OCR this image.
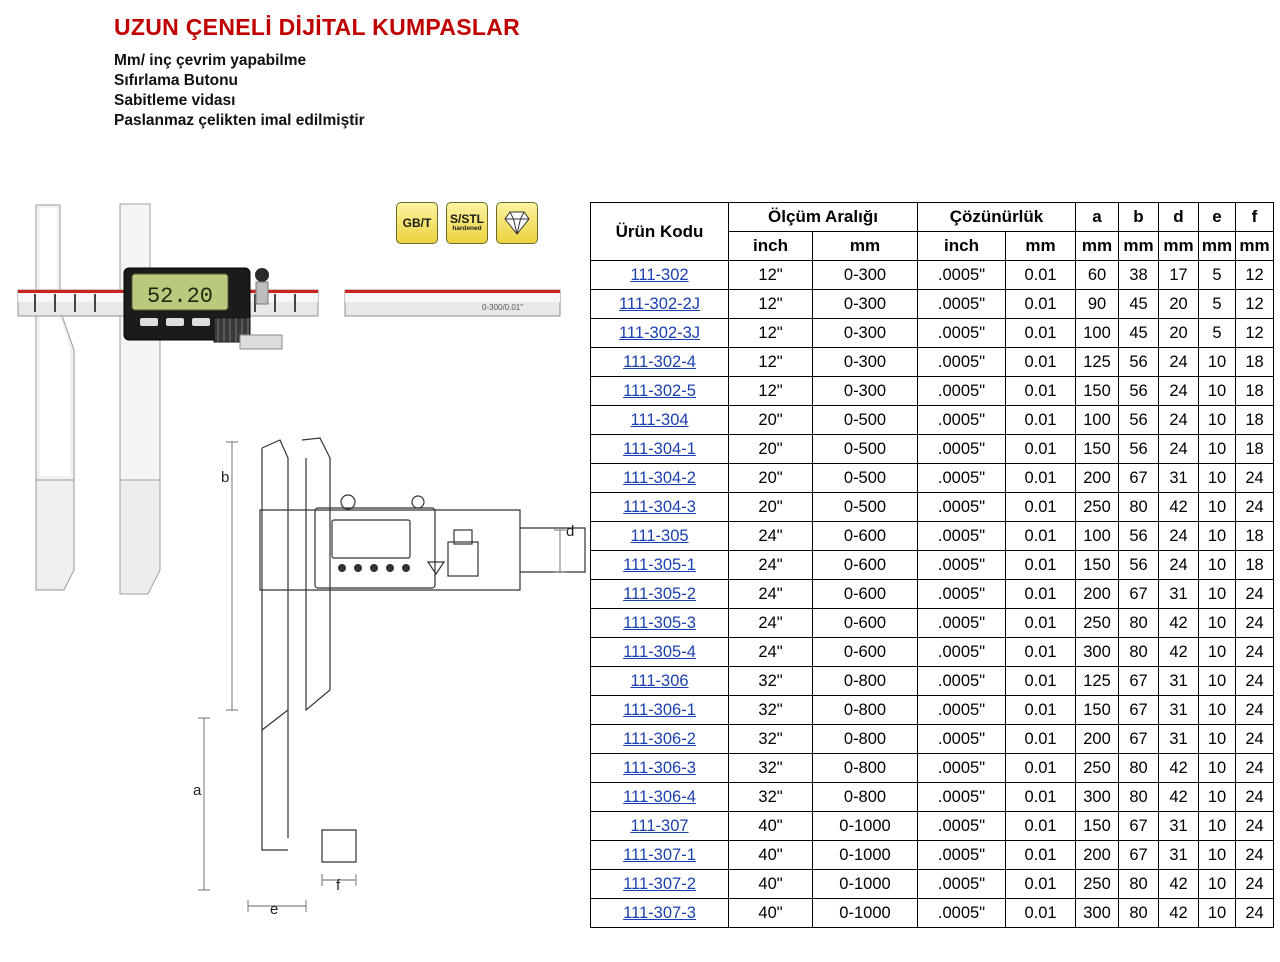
UZUN ÇENELİ DİJİTAL KUMPASLAR
Mm/ inç çevrim yapabilme
Sıfırlama Butonu
Sabitleme vidası
Paslanmaz çelikten imal edilmiştir
GB/T S/STL
hardened
0-300/0.01"
52.20
b
a
d
e
f
Ürün Kodu	Ölçüm Aralığı		Çözünürlük		a	b	d	e	f
	inch	mm	inch	mm	mm	mm	mm	mm	mm
111-302	12"	0-300	.0005"	0.01	60	38	17	5	12
111-302-2J	12"	0-300	.0005"	0.01	90	45	20	5	12
111-302-3J	12"	0-300	.0005"	0.01	100	45	20	5	12
111-302-4	12"	0-300	.0005"	0.01	125	56	24	10	18
111-302-5	12"	0-300	.0005"	0.01	150	56	24	10	18
111-304	20"	0-500	.0005"	0.01	100	56	24	10	18
111-304-1	20"	0-500	.0005"	0.01	150	56	24	10	18
111-304-2	20"	0-500	.0005"	0.01	200	67	31	10	24
111-304-3	20"	0-500	.0005"	0.01	250	80	42	10	24
111-305	24"	0-600	.0005"	0.01	100	56	24	10	18
111-305-1	24"	0-600	.0005"	0.01	150	56	24	10	18
111-305-2	24"	0-600	.0005"	0.01	200	67	31	10	24
111-305-3	24"	0-600	.0005"	0.01	250	80	42	10	24
111-305-4	24"	0-600	.0005"	0.01	300	80	42	10	24
111-306	32"	0-800	.0005"	0.01	125	67	31	10	24
111-306-1	32"	0-800	.0005"	0.01	150	67	31	10	24
111-306-2	32"	0-800	.0005"	0.01	200	67	31	10	24
111-306-3	32"	0-800	.0005"	0.01	250	80	42	10	24
111-306-4	32"	0-800	.0005"	0.01	300	80	42	10	24
111-307	40"	0-1000	.0005"	0.01	150	67	31	10	24
111-307-1	40"	0-1000	.0005"	0.01	200	67	31	10	24
111-307-2	40"	0-1000	.0005"	0.01	250	80	42	10	24
111-307-3	40"	0-1000	.0005"	0.01	300	80	42	10	24
